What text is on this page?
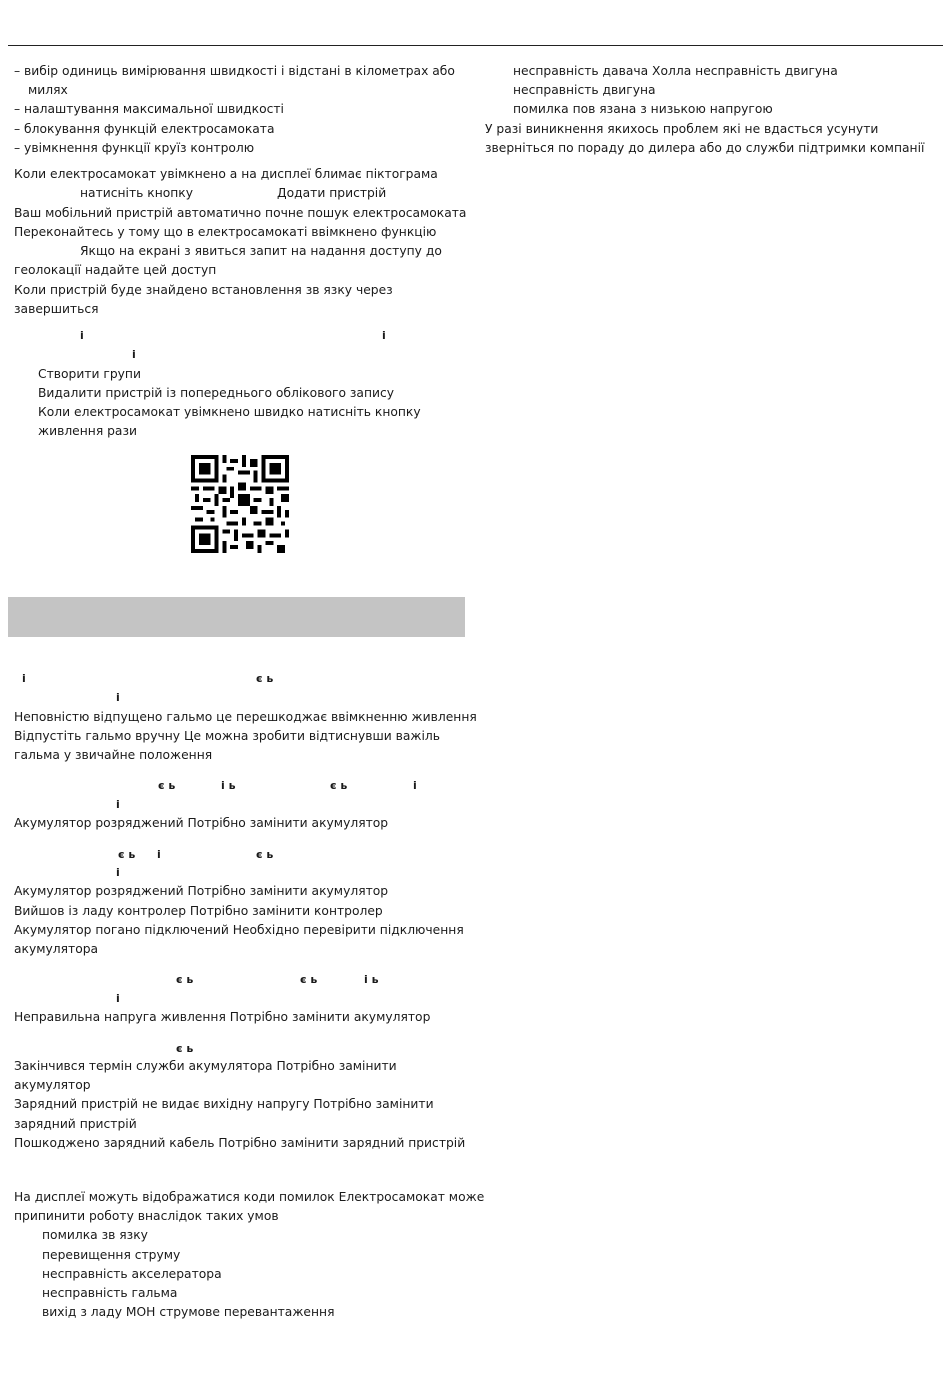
– вибір одиниць вимірювання швидкості і відстані в кілометрах або
милях
– налаштування максимальної швидкості
– блокування функцій електросамоката
– увімкнення функції круїз контролю
Коли електросамокат увімкнено а на дисплеї блимає піктограма
натисніть кнопку	Додати пристрій
Ваш мобільний пристрій автоматично почне пошук електросамоката
Переконайтесь у тому що в електросамокаті ввімкнено функцію
Якщо на екрані з явиться запит на надання доступу до
геолокації надайте цей доступ
Коли пристрій буде знайдено встановлення зв язку через
завершиться
і	і
і
Створити групи
Видалити пристрій із попереднього облікового запису
Коли електросамокат увімкнено швидко натисніть кнопку
живлення рази
і	є ь
і
Неповністю відпущено гальмо це перешкоджає ввімкненню живлення
Відпустіть гальмо вручну Це можна зробити відтиснувши важіль
гальма у звичайне положення
є ь	і ь	є ь	і
і
Акумулятор розряджений Потрібно замінити акумулятор
є ь і	є ь
і
Акумулятор розряджений Потрібно замінити акумулятор
Вийшов із ладу контролер Потрібно замінити контролер
Акумулятор погано підключений Необхідно перевірити підключення
акумулятора
є ь	є ь	і ь
і
Неправильна напруга живлення Потрібно замінити акумулятор
є ь
Закінчився термін служби акумулятора Потрібно замінити
акумулятор
Зарядний пристрій не видає вихідну напругу Потрібно замінити
зарядний пристрій
Пошкоджено зарядний кабель Потрібно замінити зарядний пристрій
На дисплеї можуть відображатися коди помилок Електросамокат може
припинити роботу внаслідок таких умов
помилка зв язку
перевищення струму
несправність акселератора
несправність гальма
вихід з ладу МОН струмове перевантаження
несправність давача Холла несправність двигуна
несправність двигуна
помилка пов язана з низькою напругою
У разі виникнення якихось проблем які не вдасться усунути
зверніться по пораду до дилера або до служби підтримки компанії
